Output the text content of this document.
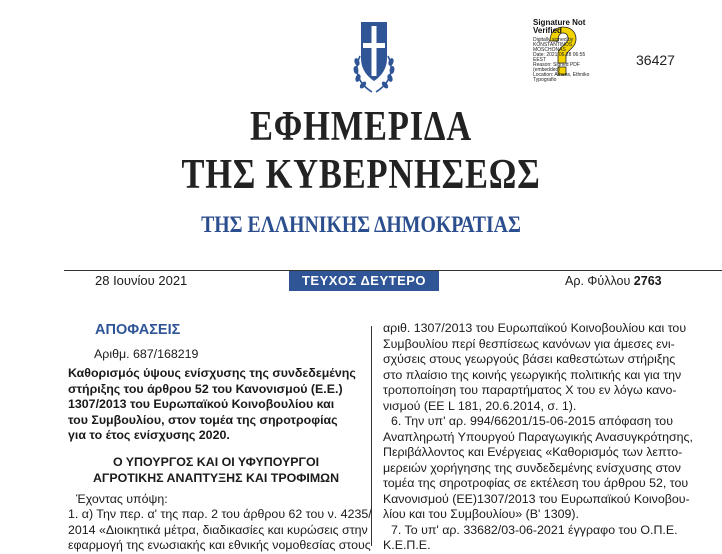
Signature Not
Verified
Digitally signed by
KONSTANTINOS
MOSCHONAS
Date: 2021.06.28 06:55
EEST
Reason: Signed PDF
(embedded)
Location: Athens, Ethniko
Typografio
36427
ΕΦΗΜΕΡΙΔΑ
ΤΗΣ ΚΥΒΕΡΝΗΣΕΩΣ
ΤΗΣ ΕΛΛΗΝΙΚΗΣ ΔΗΜΟΚΡΑΤΙΑΣ
28 Ιουνίου 2021	ΤΕΥΧΟΣ ΔΕΥΤΕΡΟ	Αρ. Φύλλου 2763
ΑΠΟΦΑΣΕΙΣ
Αριθμ. 687/168219
Καθορισμός ύψους ενίσχυσης της συνδεδεμένης
στήριξης του άρθρου 52 του Κανονισμού (Ε.Ε.)
1307/2013 του Ευρωπαϊκού Κοινοβουλίου και
του Συμβουλίου, στον τομέα της σηροτροφίας
για το έτος ενίσχυσης 2020.
Ο ΥΠΟΥΡΓΟΣ ΚΑΙ ΟΙ ΥΦΥΠΟΥΡΓΟΙ
ΑΓΡΟΤΙΚΗΣ ΑΝΑΠΤΥΞΗΣ ΚΑΙ ΤΡΟΦΙΜΩΝ
Έχοντας υπόψη:
1. α) Την περ. α' της παρ. 2 του άρθρου 62 του ν. 4235/
2014 «Διοικητικά μέτρα, διαδικασίες και κυρώσεις στην
εφαρμογή της ενωσιακής και εθνικής νομοθεσίας στους
αριθ. 1307/2013 του Ευρωπαϊκού Κοινοβουλίου και του
Συμβουλίου περί θεσπίσεως κανόνων για άμεσες ενι-
σχύσεις στους γεωργούς βάσει καθεστώτων στήριξης
στο πλαίσιο της κοινής γεωργικής πολιτικής και για την
τροποποίηση του παραρτήματος Χ του εν λόγω κανο-
νισμού (ΕΕ L 181, 20.6.2014, σ. 1).
6. Την υπ' αρ. 994/66201/15-06-2015 απόφαση του
Αναπληρωτή Υπουργού Παραγωγικής Ανασυγκρότησης,
Περιβάλλοντος και Ενέργειας «Καθορισμός των λεπτο-
μερειών χορήγησης της συνδεδεμένης ενίσχυσης στον
τομέα της σηροτροφίας σε εκτέλεση του άρθρου 52, του
Κανονισμού (ΕΕ)1307/2013 του Ευρωπαϊκού Κοινοβου-
λίου και του Συμβουλίου» (Β' 1309).
7. Το υπ' αρ. 33682/03-06-2021 έγγραφο του Ο.Π.Ε.
Κ.Ε.Π.Ε.
